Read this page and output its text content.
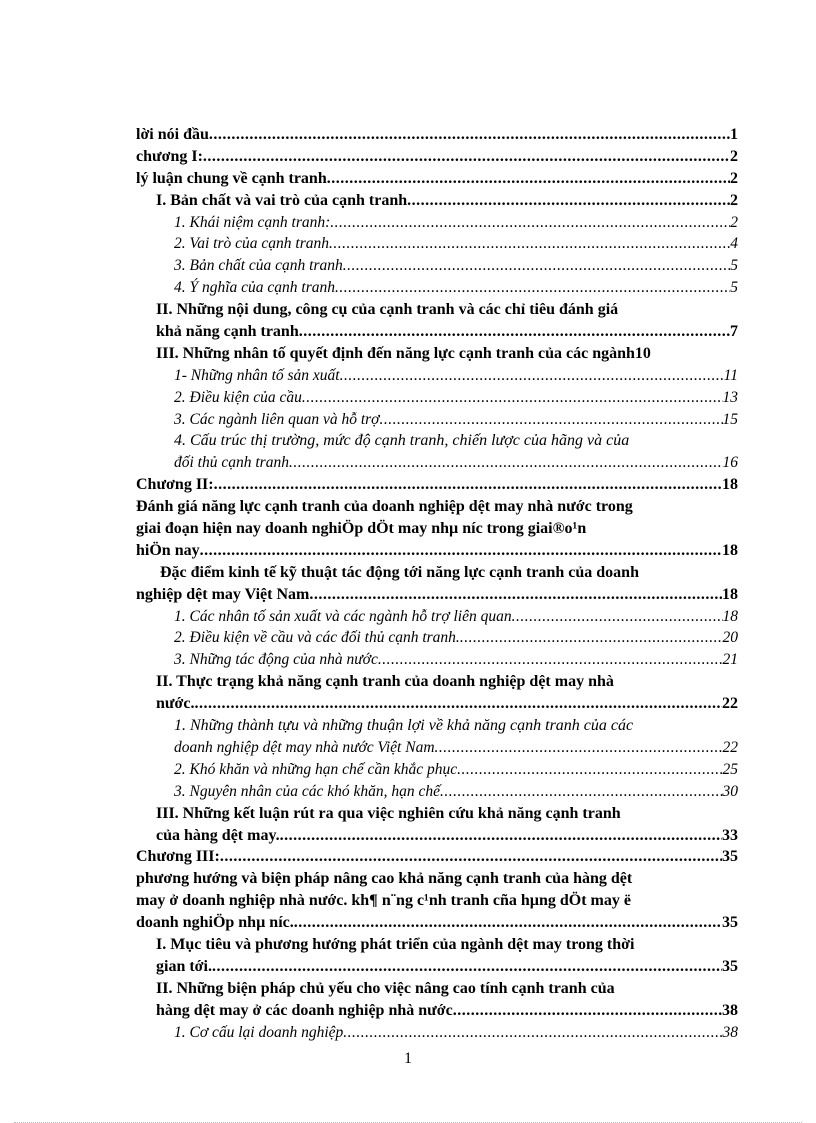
lời nói đầu .....	1
chương I: .....	2
lý luận chung về cạnh tranh .....	2
I. Bản chất và vai trò của cạnh tranh .....	2
1. Khái niệm cạnh tranh: .....	2
2. Vai trò của cạnh tranh .....	4
3. Bản chất của cạnh tranh .....	5
4. Ý nghĩa của cạnh tranh .....	5
II. Những nội dung, công cụ của cạnh tranh và các chỉ tiêu đánh giá
khả năng cạnh tranh .....	7
III. Những nhân tố quyết định đến năng lực cạnh tranh của các ngành 10
1- Những nhân tố sản xuất .....	11
2. Điều kiện của cầu .....	13
3. Các ngành liên quan và hỗ trợ .....	15
4. Cấu trúc thị trường, mức độ cạnh tranh, chiến lược của hãng và của
đối thủ cạnh tranh .....	16
Chương II: .....	18
Đánh giá năng lực cạnh tranh của doanh nghiệp dệt may nhà nước trong
giai đoạn hiện nay doanh nghiÖp dÖt may nhµ níc trong giai®o¹n
hiÖn nay .....	18
Đặc điểm kinh tế kỹ thuật tác động tới năng lực cạnh tranh của doanh
nghiệp dệt may Việt Nam .....	18
1. Các nhân tố sản xuất và các ngành hỗ trợ liên quan .....	18
2. Điều kiện về cầu và các đối thủ cạnh tranh. .....	20
3. Những tác động của nhà nước .....	21
II. Thực trạng khả năng cạnh tranh của doanh nghiệp dệt may nhà
nước. .....	22
1. Những thành tựu và những thuận lợi về khả năng cạnh tranh của các
doanh nghiệp dệt may nhà nước Việt Nam .....	22
2. Khó khăn và những hạn chế cần khắc phục .....	25
3. Nguyên nhân của các khó khăn, hạn chế .....	30
III. Những kết luận rút ra qua việc nghiên cứu khả năng cạnh tranh
của hàng dệt may. .....	33
Chương III: .....	35
phương hướng và biện pháp nâng cao khả năng cạnh tranh của hàng dệt
may ở doanh nghiệp nhà nước. kh¶ n¨ng c¹nh tranh cña hµng dÖt may ë
doanh nghiÖp nhµ níc. .....	35
I. Mục tiêu và phương hướng phát triển của ngành dệt may trong thời
gian tới. .....	35
II. Những biện pháp chủ yếu cho việc nâng cao tính cạnh tranh của
hàng dệt may ở các doanh nghiệp nhà nước .....	38
1. Cơ cấu lại doanh nghiệp .....	38
1
